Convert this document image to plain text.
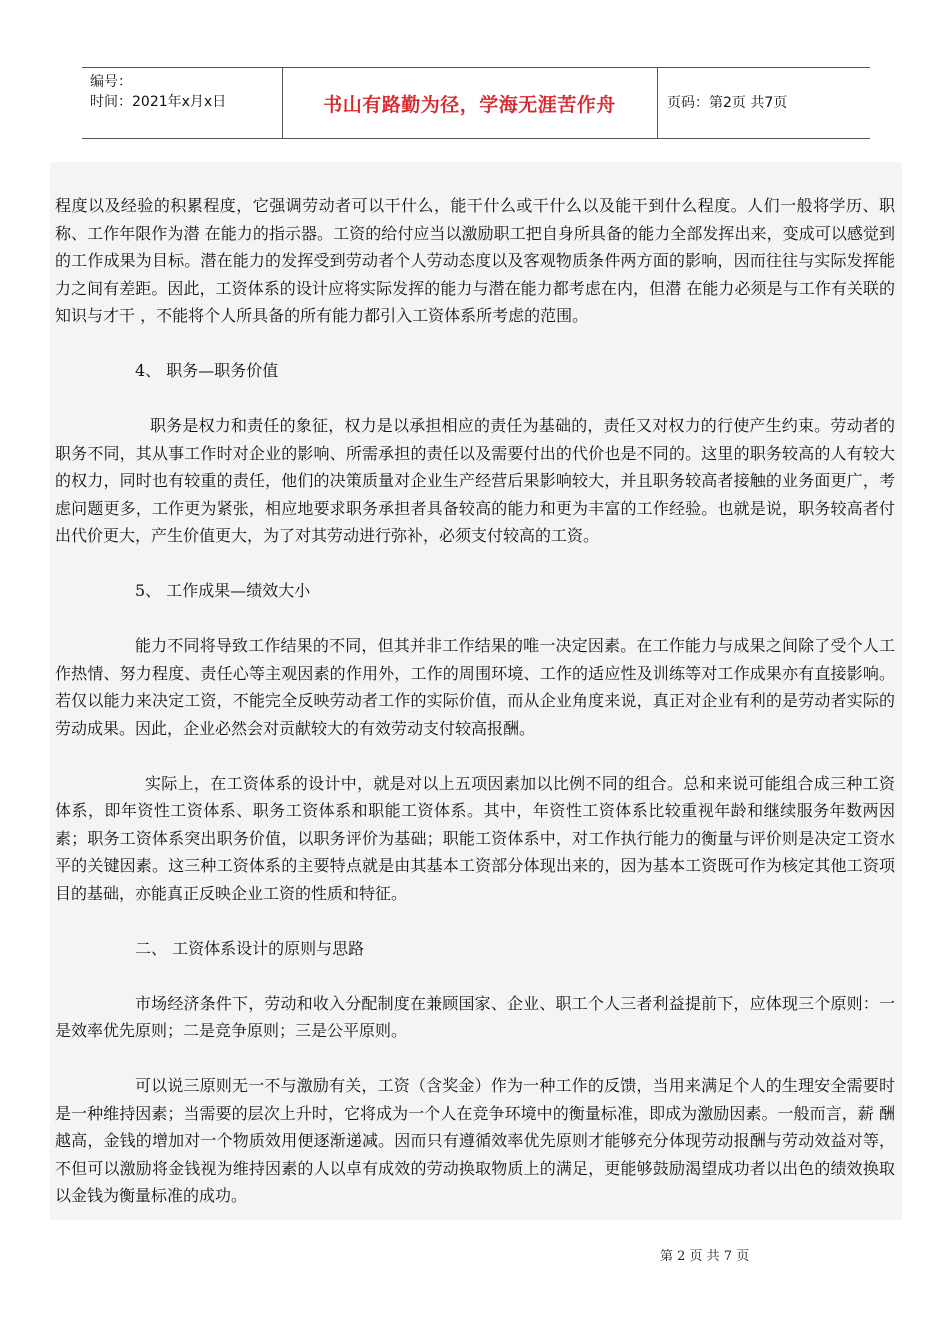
编号：
时间：2021年x月x日	书山有路勤为径，学海无涯苦作舟	页码：第2页 共7页

程度以及经验的积累程度，它强调劳动者可以干什么，能干什么或干什么以及能干到什么程度。人们一般将学历、职称、工作年限作为潜 在能力的指示器。工资的给付应当以激励职工把自身所具备的能力全部发挥出来，变成可以感觉到的工作成果为目标。潜在能力的发挥受到劳动者个人劳动态度以及客观物质条件两方面的影响，因而往往与实际发挥能力之间有差距。因此，工资体系的设计应将实际发挥的能力与潜在能力都考虑在内，但潜 在能力必须是与工作有关联的知识与才干 ，不能将个人所具备的所有能力都引入工资体系所考虑的范围。

4、 职务—职务价值

职务是权力和责任的象征，权力是以承担相应的责任为基础的，责任又对权力的行使产生约束。劳动者的职务不同，其从事工作时对企业的影响、所需承担的责任以及需要付出的代价也是不同的。这里的职务较高的人有较大的权力，同时也有较重的责任，他们的决策质量对企业生产经营后果影响较大，并且职务较高者接触的业务面更广，考虑问题更多，工作更为紧张，相应地要求职务承担者具备较高的能力和更为丰富的工作经验。也就是说，职务较高者付出代价更大，产生价值更大，为了对其劳动进行弥补，必须支付较高的工资。

5、 工作成果—绩效大小

能力不同将导致工作结果的不同，但其并非工作结果的唯一决定因素。在工作能力与成果之间除了受个人工作热情、努力程度、责任心等主观因素的作用外，工作的周围环境、工作的适应性及训练等对工作成果亦有直接影响。若仅以能力来决定工资，不能完全反映劳动者工作的实际价值，而从企业角度来说，真正对企业有利的是劳动者实际的劳动成果。因此，企业必然会对贡献较大的有效劳动支付较高报酬。

实际上，在工资体系的设计中，就是对以上五项因素加以比例不同的组合。总和来说可能组合成三种工资体系，即年资性工资体系、职务工资体系和职能工资体系。其中，年资性工资体系比较重视年龄和继续服务年数两因素；职务工资体系突出职务价值，以职务评价为基础；职能工资体系中，对工作执行能力的衡量与评价则是决定工资水平的关键因素。这三种工资体系的主要特点就是由其基本工资部分体现出来的，因为基本工资既可作为核定其他工资项目的基础，亦能真正反映企业工资的性质和特征。

二、 工资体系设计的原则与思路

市场经济条件下，劳动和收入分配制度在兼顾国家、企业、职工个人三者利益提前下，应体现三个原则：一是效率优先原则；二是竞争原则；三是公平原则。

可以说三原则无一不与激励有关，工资（含奖金）作为一种工作的反馈，当用来满足个人的生理安全需要时是一种维持因素；当需要的层次上升时，它将成为一个人在竞争环境中的衡量标准，即成为激励因素。一般而言，薪 酬越高，金钱的增加对一个物质效用便逐渐递减。因而只有遵循效率优先原则才能够充分体现劳动报酬与劳动效益对等，不但可以激励将金钱视为维持因素的人以卓有成效的劳动换取物质上的满足，更能够鼓励渴望成功者以出色的绩效换取以金钱为衡量标准的成功。

第 2 页 共 7 页
